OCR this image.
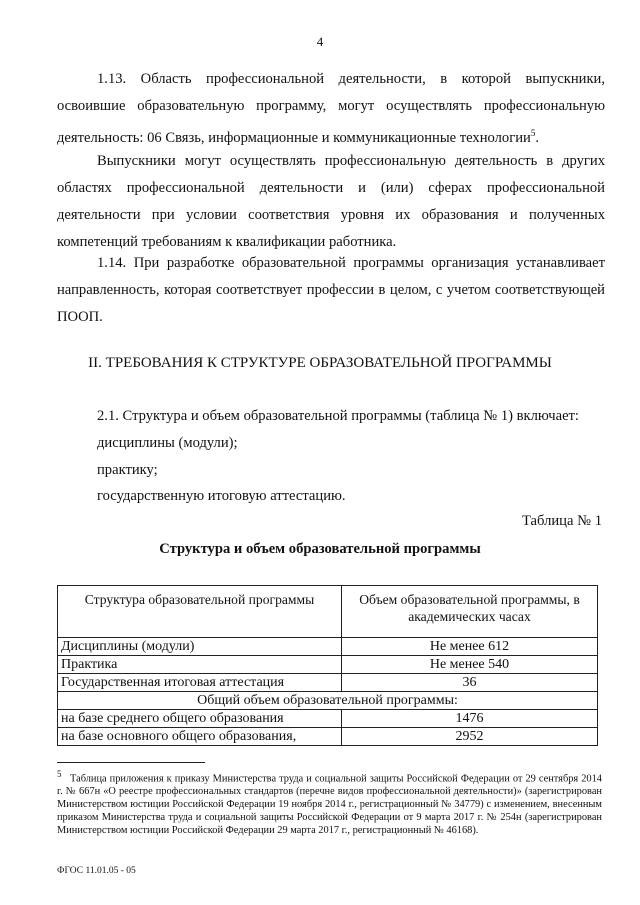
4

1.13. Область профессиональной деятельности, в которой выпускники, освоившие образовательную программу, могут осуществлять профессиональную деятельность: 06 Связь, информационные и коммуникационные технологии$^5$.

Выпускники могут осуществлять профессиональную деятельность в других областях профессиональной деятельности и (или) сферах профессиональной деятельности при условии соответствия уровня их образования и полученных компетенций требованиям к квалификации работника.

1.14. При разработке образовательной программы организация устанавливает направленность, которая соответствует профессии в целом, с учетом соответствующей ПООП.

II. ТРЕБОВАНИЯ К СТРУКТУРЕ ОБРАЗОВАТЕЛЬНОЙ ПРОГРАММЫ
2.1. Структура и объем образовательной программы (таблица № 1) включает:
дисциплины (модули);
практику;
государственную итоговую аттестацию.
Таблица № 1
Структура и объем образовательной программы
Структура образовательной программы	Объем образовательной программы, в академических часах
Дисциплины (модули)	Не менее 612
Практика	Не менее 540
Государственная итоговая аттестация	36
Общий объем образовательной программы:	
на базе среднего общего образования	1476
на базе основного общего образования,	2952

$^5$ Таблица приложения к приказу Министерства труда и социальной защиты Российской Федерации от 29 сентября 2014 г. № 667н «О реестре профессиональных стандартов (перечне видов профессиональной деятельности)» (зарегистрирован Министерством юстиции Российской Федерации 19 ноября 2014 г., регистрационный № 34779) с изменением, внесенным приказом Министерства труда и социальной защиты Российской Федерации от 9 марта 2017 г. № 254н (зарегистрирован Министерством юстиции Российской Федерации 29 марта 2017 г., регистрационный № 46168).

ФГОС 11.01.05 - 05
